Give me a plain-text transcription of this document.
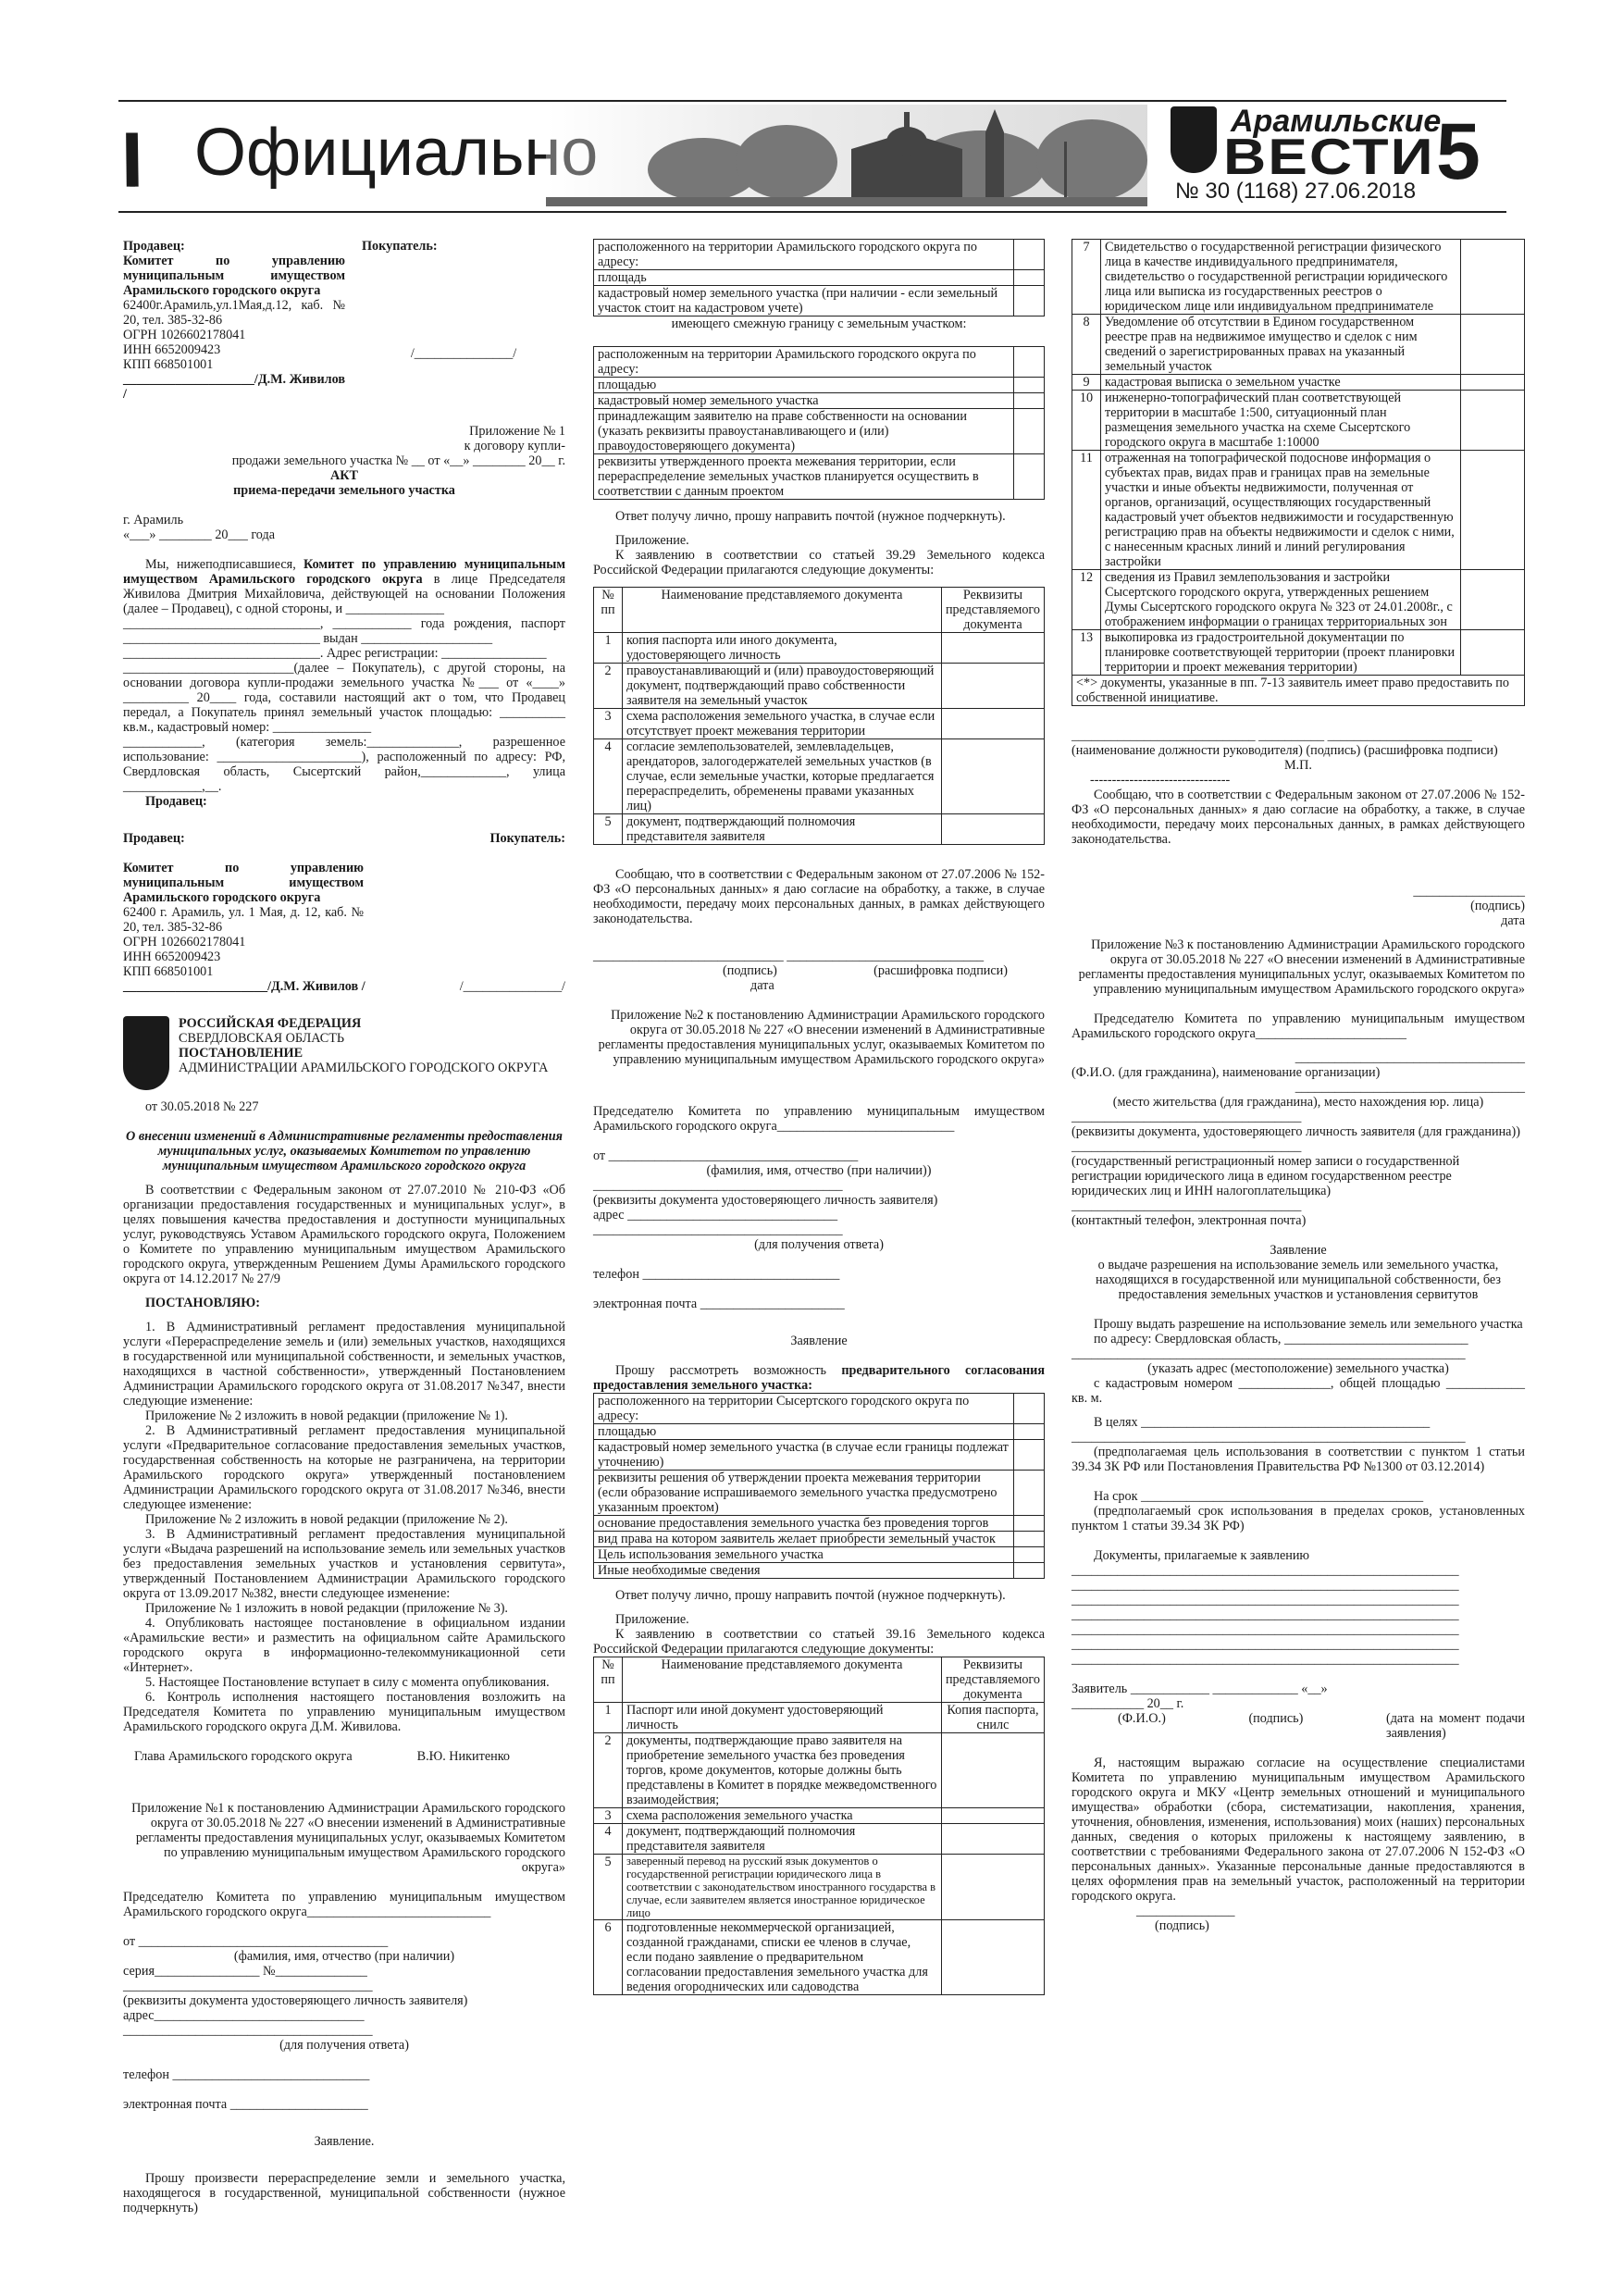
\\ Официально	Арамильские
ВЕСТИ
№ 30 (1168) 27.06.2018 5

Продавец:

Комитет по управлению муниципальным имуществом Арамильского городского округа

62400г.Арамиль,ул.1Мая,д.12, каб. № 20, тел. 385-32-86

ОГРН 1026602178041

ИНН 6652009423

КПП 668501001

____________________/Д.М. Живилов /

Покупатель:

/_______________/

Приложение № 1

к договору купли-

продажи земельного участка № __ от «__» ________ 20__ г.

АКТ

приема-передачи земельного участка

г. Арамиль

«___» ________ 20___ года

Мы, нижеподписавшиеся, Комитет по управлению муниципальным имуществом Арамильского городского округа в лице Председателя Живилова Дмитрия Михайловича, действующей на основании Положения (далее – Продавец), с одной стороны, и _______________

______________________________, ____________ года рождения, паспорт ______________________________ выдан ____________________

______________________________. Адрес регистрации: ________________

__________________________(далее – Покупатель), с другой стороны, на основании договора купли-продажи земельного участка №___ от «____» __________ 20____ года, составили настоящий акт о том, что Продавец передал, а Покупатель принял земельный участок площадью: __________ кв.м., кадастровый номер: _______________

____________, (категория земель:______________, разрешенное использование: ______________________), расположенный по адресу: РФ, Свердловская область, Сысертский район,_____________, улица ____________,__.

Продавец:

Продавец:	Покупатель:

Комитет по управлению муниципальным имуществом Арамильского городского округа

62400 г. Арамиль, ул. 1 Мая, д. 12, каб. № 20, тел. 385-32-86

ОГРН 1026602178041

ИНН 6652009423

КПП 668501001

______________________/Д.М. Живилов /	/_______________/

РОССИЙСКАЯ ФЕДЕРАЦИЯ

СВЕРДЛОВСКАЯ ОБЛАСТЬ

ПОСТАНОВЛЕНИЕ

АДМИНИСТРАЦИИ АРАМИЛЬСКОГО ГОРОДСКОГО ОКРУГА

от 30.05.2018 № 227

О внесении изменений в Административные регламенты предоставления муниципальных услуг, оказываемых Комитетом по управлению муниципальным имуществом Арамильского городского округа

В соответствии с Федеральным законом от 27.07.2010 № 210-ФЗ «Об организации предоставления государственных и муниципальных услуг», в целях повышения качества предоставления и доступности муниципальных услуг, руководствуясь Уставом Арамильского городского округа, Положением о Комитете по управлению муниципальным имуществом Арамильского городского округа, утвержденным Решением Думы Арамильского городского округа от 14.12.2017 № 27/9

ПОСТАНОВЛЯЮ:

1. В Административный регламент предоставления муниципальной услуги «Перераспределение земель и (или) земельных участков, находящихся в государственной или муниципальной собственности, и земельных участков, находящихся в частной собственности», утвержденный Постановлением Администрации Арамильского городского округа от 31.08.2017 №347, внести следующие изменение:

Приложение № 2 изложить в новой редакции (приложение № 1).

2. В Административный регламент предоставления муниципальной услуги «Предварительное согласование предоставления земельных участков, государственная собственность на которые не разграничена, на территории Арамильского городского округа» утвержденный постановлением Администрации Арамильского городского округа от 31.08.2017 №346, внести следующее изменение:

Приложение № 2 изложить в новой редакции (приложение № 2).

3. В Административный регламент предоставления муниципальной услуги «Выдача разрешений на использование земель или земельных участков без предоставления земельных участков и установления сервитута», утвержденный Постановлением Администрации Арамильского городского округа от 13.09.2017 №382, внести следующее изменение:

Приложение № 1 изложить в новой редакции (приложение № 3).

4. Опубликовать настоящее постановление в официальном издании «Арамильские вести» и разместить на официальном сайте Арамильского городского округа в информационно-телекоммуникационной сети «Интернет».

5. Настоящее Постановление вступает в силу с момента опубликования.

6. Контроль исполнения настоящего постановления возложить на Председателя Комитета по управлению муниципальным имуществом Арамильского городского округа Д.М. Живилова.

Глава Арамильского городского округа	В.Ю. Никитенко

Приложение №1 к постановлению Администрации Арамильского городского округа от 30.05.2018 № 227 «О внесении изменений в Административные регламенты предоставления муниципальных услуг, оказываемых Комитетом по управлению муниципальным имуществом Арамильского городского округа»

Председателю Комитета по управлению муниципальным имуществом Арамильского городского округа____________________________

от ______________________________________

(фамилия, имя, отчество (при наличии)

серия________________ №______________

______________________________________

(реквизиты документа удостоверяющего личность заявителя)

адрес________________________________

______________________________________

(для получения ответа)

телефон ______________________________

электронная почта _____________________

Заявление.

Прошу произвести перераспределение земли и земельного участка, находящегося в государственной, муниципальной собственности (нужное подчеркнуть)

расположенного на территории Арамильского городского округа по адресу:	
площадь	
кадастровый номер земельного участка (при наличии - если земельный участок стоит на кадастровом учете)	

имеющего смежную границу с земельным участком:

расположенным на территории Арамильского городского округа по адресу:	
площадью	
кадастровый номер земельного участка	
принадлежащим заявителю на праве собственности на основании (указать реквизиты правоустанавливающего и (или) правоудостоверяющего документа)	
реквизиты утвержденного проекта межевания территории, если перераспределение земельных участков планируется осуществить в соответствии с данным проектом	

Ответ получу лично, прошу направить почтой (нужное подчеркнуть).

Приложение.

К заявлению в соответствии со статьей 39.29 Земельного кодекса Российской Федерации прилагаются следующие документы:

№ пп	Наименование представляемого документа	Реквизиты представляемого документа
1	копия паспорта или иного документа, удостоверяющего личность	
2	правоустанавливающий и (или) правоудостоверяющий документ, подтверждающий право собственности заявителя на земельный участок	
3	схема расположения земельного участка, в случае если отсутствует проект межевания территории	
4	согласие землепользователей, землевладельцев, арендаторов, залогодержателей земельных участков (в случае, если земельные участки, которые предлагается перераспределить, обременены правами указанных лиц)	
5	документ, подтверждающий полномочия представителя заявителя	

Сообщаю, что в соответствии с Федеральным законом от 27.07.2006 № 152-ФЗ «О персональных данных» я даю согласие на обработку, а также, в случае необходимости, передачу моих персональных данных, в рамках действующего законодательства.

_____________________________ ______________________________

(подпись)	(расшифровка подписи)

дата

Приложение №2 к постановлению Администрации Арамильского городского округа от 30.05.2018 № 227 «О внесении изменений в Административные регламенты предоставления муниципальных услуг, оказываемых Комитетом по управлению муниципальным имуществом Арамильского городского округа»

Председателю Комитета по управлению муниципальным имуществом Арамильского городского округа___________________________

от ______________________________________

(фамилия, имя, отчество (при наличии))

______________________________________

(реквизиты документа удостоверяющего личность заявителя)

адрес ________________________________

______________________________________

(для получения ответа)

телефон ______________________________

электронная почта ______________________

Заявление

Прошу рассмотреть возможность предварительного согласования предоставления земельного участка:

расположенного на территории Сысертского городского округа по адресу:	
площадью	
кадастровый номер земельного участка (в случае если границы подлежат уточнению)	
реквизиты решения об утверждении проекта межевания территории (если образование испрашиваемого земельного участка предусмотрено указанным проектом)	
основание предоставления земельного участка без проведения торгов	
вид права на котором заявитель желает приобрести земельный участок	
Цель использования земельного участка	
Иные необходимые сведения	

Ответ получу лично, прошу направить почтой (нужное подчеркнуть).

Приложение.

К заявлению в соответствии со статьей 39.16 Земельного кодекса Российской Федерации прилагаются следующие документы:

№ пп	Наименование представляемого документа	Реквизиты представляемого документа
1	Паспорт или иной документ удостоверяющий личность	Копия паспорта, снилс
2	документы, подтверждающие право заявителя на приобретение земельного участка без проведения торгов, кроме документов, которые должны быть представлены в Комитет в порядке межведомственного взаимодействия;	
3	схема расположения земельного участка	
4	документ, подтверждающий полномочия представителя заявителя	
5	заверенный перевод на русский язык документов о государственной регистрации юридического лица в соответствии с законодательством иностранного государства в случае, если заявителем является иностранное юридическое лицо	
6	подготовленные некоммерческой организацией, созданной гражданами, списки ее членов в случае, если подано заявление о предварительном согласовании предоставления земельного участка для ведения огороднических или садоводства	
7	Свидетельство о государственной регистрации физического лица в качестве индивидуального предпринимателя, свидетельство о государственной регистрации юридического лица или выписка из государственных реестров о юридическом лице или индивидуальном предпринимателе	
8	Уведомление об отсутствии в Едином государственном реестре прав на недвижимое имущество и сделок с ним сведений о зарегистрированных правах на указанный земельный участок	
9	кадастровая выписка о земельном участке	
10	инженерно-топографический план соответствующей территории в масштабе 1:500, ситуационный план размещения земельного участка на схеме Сысертского городского округа в масштабе 1:10000	
11	отраженная на топографической подоснове информация о субъектах прав, видах прав и границах прав на земельные участки и иные объекты недвижимости, полученная от органов, организаций, осуществляющих государственный кадастровый учет объектов недвижимости и государственную регистрацию прав на объекты недвижимости и сделок с ними, с нанесенным красных линий и линий регулирования застройки	
12	сведения из Правил землепользования и застройки Сысертского городского округа, утвержденных решением Думы Сысертского городского округа № 323 от 24.01.2008г., с отображением информации о границах территориальных зон	
13	выкопировка из градостроительной документации по планировке соответствующей территории (проект планировки территории и проект межевания территории)	
<*> документы, указанные в пп. 7-13 заявитель имеет право предоставить по собственной инициативе.		

____________________________ __________ ______________________

(наименование должности руководителя) (подпись) (расшифровка подписи)

М.П.

--------------------------------

Сообщаю, что в соответствии с Федеральным законом от 27.07.2006 № 152-ФЗ «О персональных данных» я даю согласие на обработку, а также, в случае необходимости, передачу моих персональных данных, в рамках действующего законодательства.

_________________

(подпись)

дата

Приложение №3 к постановлению Администрации Арамильского городского округа от 30.05.2018 № 227 «О внесении изменений в Административные регламенты предоставления муниципальных услуг, оказываемых Комитетом по управлению муниципальным имуществом Арамильского городского округа»

Председателю Комитета по управлению муниципальным имуществом Арамильского городского округа_______________________

___________________________________

(Ф.И.О. (для гражданина), наименование организации)

___________________________________

(место жительства (для гражданина), место нахождения юр. лица)

___________________________________

(реквизиты документа, удостоверяющего личность заявителя (для гражданина))

___________________________________

(государственный регистрационный номер записи о государственной регистрации юридического лица в едином государственном реестре юридических лиц и ИНН налогоплательщика)

___________________________________

(контактный телефон, электронная почта)

Заявление

о выдаче разрешения на использование земель или земельного участка, находящихся в государственной или муниципальной собственности, без предоставления земельных участков и установления сервитутов

Прошу выдать разрешение на использование земель или земельного участка

по адресу: Свердловская область, ____________________________

____________________________________________________________

(указать адрес (местоположение) земельного участка)

с кадастровым номером ______________, общей площадью ____________ кв. м.

В целях ____________________________________________

____________________________________________________________

(предполагаемая цель использования в соответствии с пунктом 1 статьи 39.34 ЗК РФ или Постановления Правительства РФ №1300 от 03.12.2014)

На срок ___________________________________________

(предполагаемый срок использования в пределах сроков, установленных пунктом 1 статьи 39.34 ЗК РФ)

Документы, прилагаемые к заявлению

___________________________________________________________

___________________________________________________________

___________________________________________________________

___________________________________________________________

___________________________________________________________

___________________________________________________________

___________________________________________________________

Заявитель ____________ _____________ «__»

___________ 20__ г.

(Ф.И.О.)	(подпись)	(дата на момент подачи заявления)

Я, настоящим выражаю согласие на осуществление специалистами Комитета по управлению муниципальным имуществом Арамильского городского округа и МКУ «Центр земельных отношений и муниципального имущества» обработки (сбора, систематизации, накопления, хранения, уточнения, обновления, изменения, использования) моих (наших) персональных данных, сведения о которых приложены к настоящему заявлению, в соответствии с требованиями Федерального закона от 27.07.2006 N 152-ФЗ «О персональных данных». Указанные персональные данные предоставляются в целях оформления прав на земельный участок, расположенный на территории городского округа.

_______________

(подпись)
